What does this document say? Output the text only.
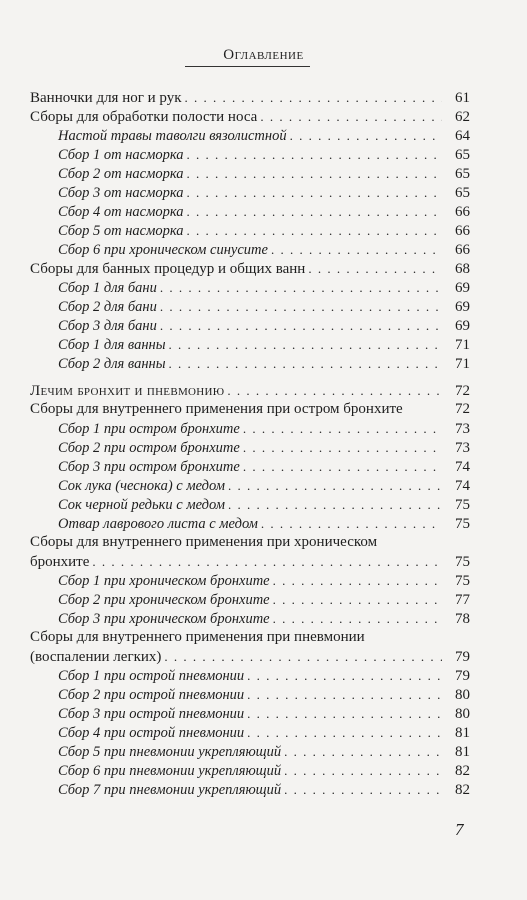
Оглавление
Ванночки для ног и рук . . .	61
Сборы для обработки полости носа . . .	62
Настой травы таволги вязолистной . . .	64
Сбор 1 от насморка . . .	65
Сбор 2 от насморка . . .	65
Сбор 3 от насморка . . .	65
Сбор 4 от насморка . . .	66
Сбор 5 от насморка . . .	66
Сбор 6 при хроническом синусите . . .	66
Сборы для банных процедур и общих ванн . . .	68
Сбор 1 для бани . . .	69
Сбор 2 для бани . . .	69
Сбор 3 для бани . . .	69
Сбор 1 для ванны . . .	71
Сбор 2 для ванны . . .	71
Лечим бронхит и пневмонию . . .	72
Сборы для внутреннего применения при остром бронхите	72
Сбор 1 при остром бронхите . . .	73
Сбор 2 при остром бронхите . . .	73
Сбор 3 при остром бронхите . . .	74
Сок лука (чеснока) с медом . . .	74
Сок черной редьки с медом . . .	75
Отвар лаврового листа с медом . . .	75
Сборы для внутреннего применения при хроническом
бронхите . . .	75
Сбор 1 при хроническом бронхите . . .	75
Сбор 2 при хроническом бронхите . . .	77
Сбор 3 при хроническом бронхите . . .	78
Сборы для внутреннего применения при пневмонии
(воспалении легких) . . .	79
Сбор 1 при острой пневмонии . . .	79
Сбор 2 при острой пневмонии . . .	80
Сбор 3 при острой пневмонии . . .	80
Сбор 4 при острой пневмонии . . .	81
Сбор 5 при пневмонии укрепляющий . . .	81
Сбор 6 при пневмонии укрепляющий . . .	82
Сбор 7 при пневмонии укрепляющий . . .	82
7
